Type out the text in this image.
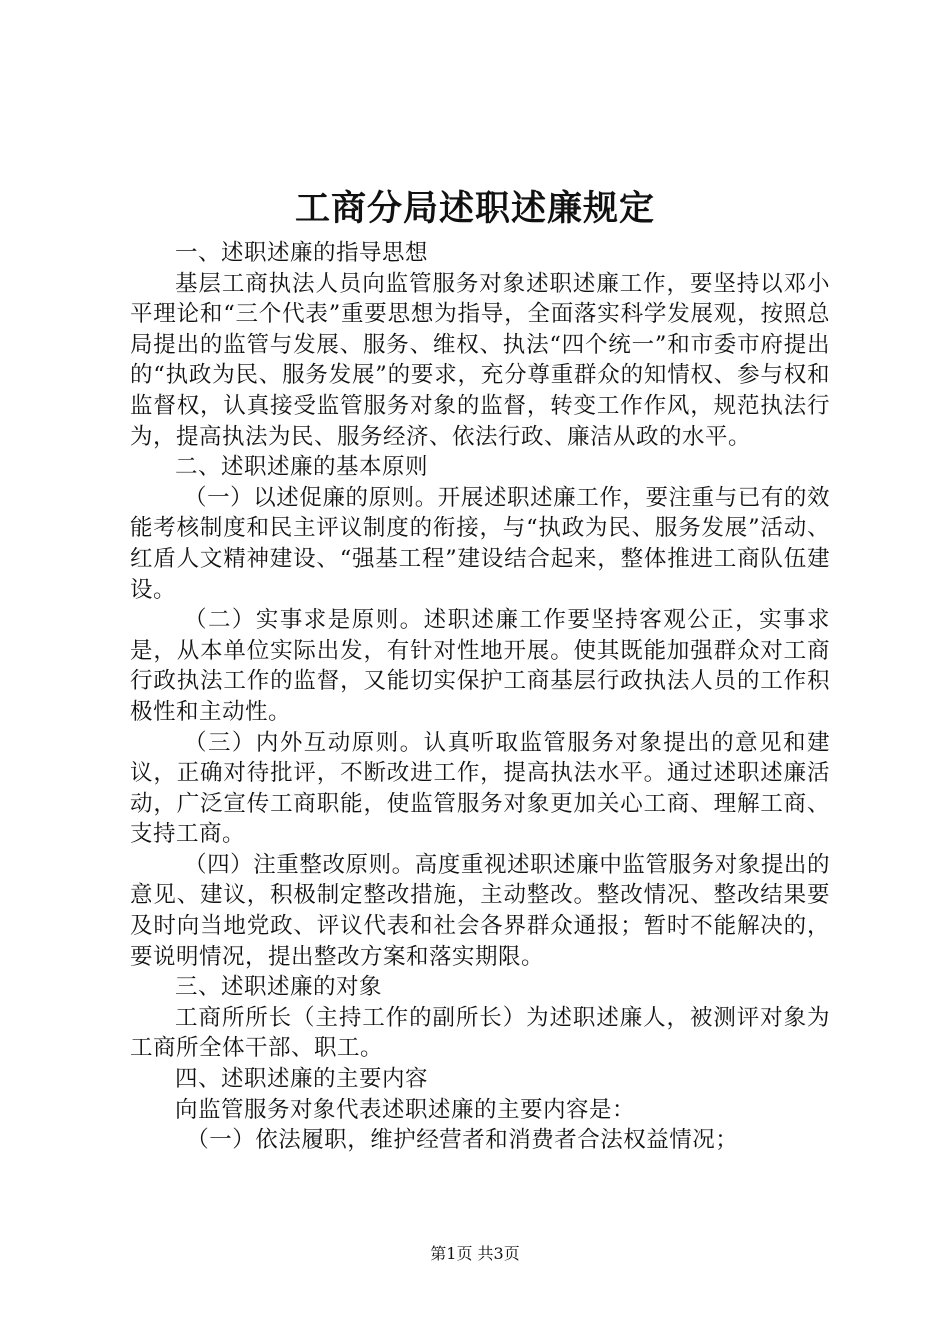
工商分局述职述廉规定

一、述职述廉的指导思想

基层工商执法人员向监管服务对象述职述廉工作，要坚持以邓小平理论和“三个代表”重要思想为指导，全面落实科学发展观，按照总局提出的监管与发展、服务、维权、执法“四个统一”和市委市府提出的“执政为民、服务发展”的要求，充分尊重群众的知情权、参与权和监督权，认真接受监管服务对象的监督，转变工作作风，规范执法行为，提高执法为民、服务经济、依法行政、廉洁从政的水平。

二、述职述廉的基本原则

（一）以述促廉的原则。开展述职述廉工作，要注重与已有的效能考核制度和民主评议制度的衔接，与“执政为民、服务发展”活动、红盾人文精神建设、“强基工程”建设结合起来，整体推进工商队伍建设。

（二）实事求是原则。述职述廉工作要坚持客观公正，实事求是，从本单位实际出发，有针对性地开展。使其既能加强群众对工商行政执法工作的监督，又能切实保护工商基层行政执法人员的工作积极性和主动性。

（三）内外互动原则。认真听取监管服务对象提出的意见和建议，正确对待批评，不断改进工作，提高执法水平。通过述职述廉活动，广泛宣传工商职能，使监管服务对象更加关心工商、理解工商、支持工商。

（四）注重整改原则。高度重视述职述廉中监管服务对象提出的意见、建议，积极制定整改措施，主动整改。整改情况、整改结果要及时向当地党政、评议代表和社会各界群众通报；暂时不能解决的，要说明情况，提出整改方案和落实期限。

三、述职述廉的对象

工商所所长（主持工作的副所长）为述职述廉人，被测评对象为工商所全体干部、职工。

四、述职述廉的主要内容

向监管服务对象代表述职述廉的主要内容是：

（一）依法履职，维护经营者和消费者合法权益情况；

第1页 共3页
